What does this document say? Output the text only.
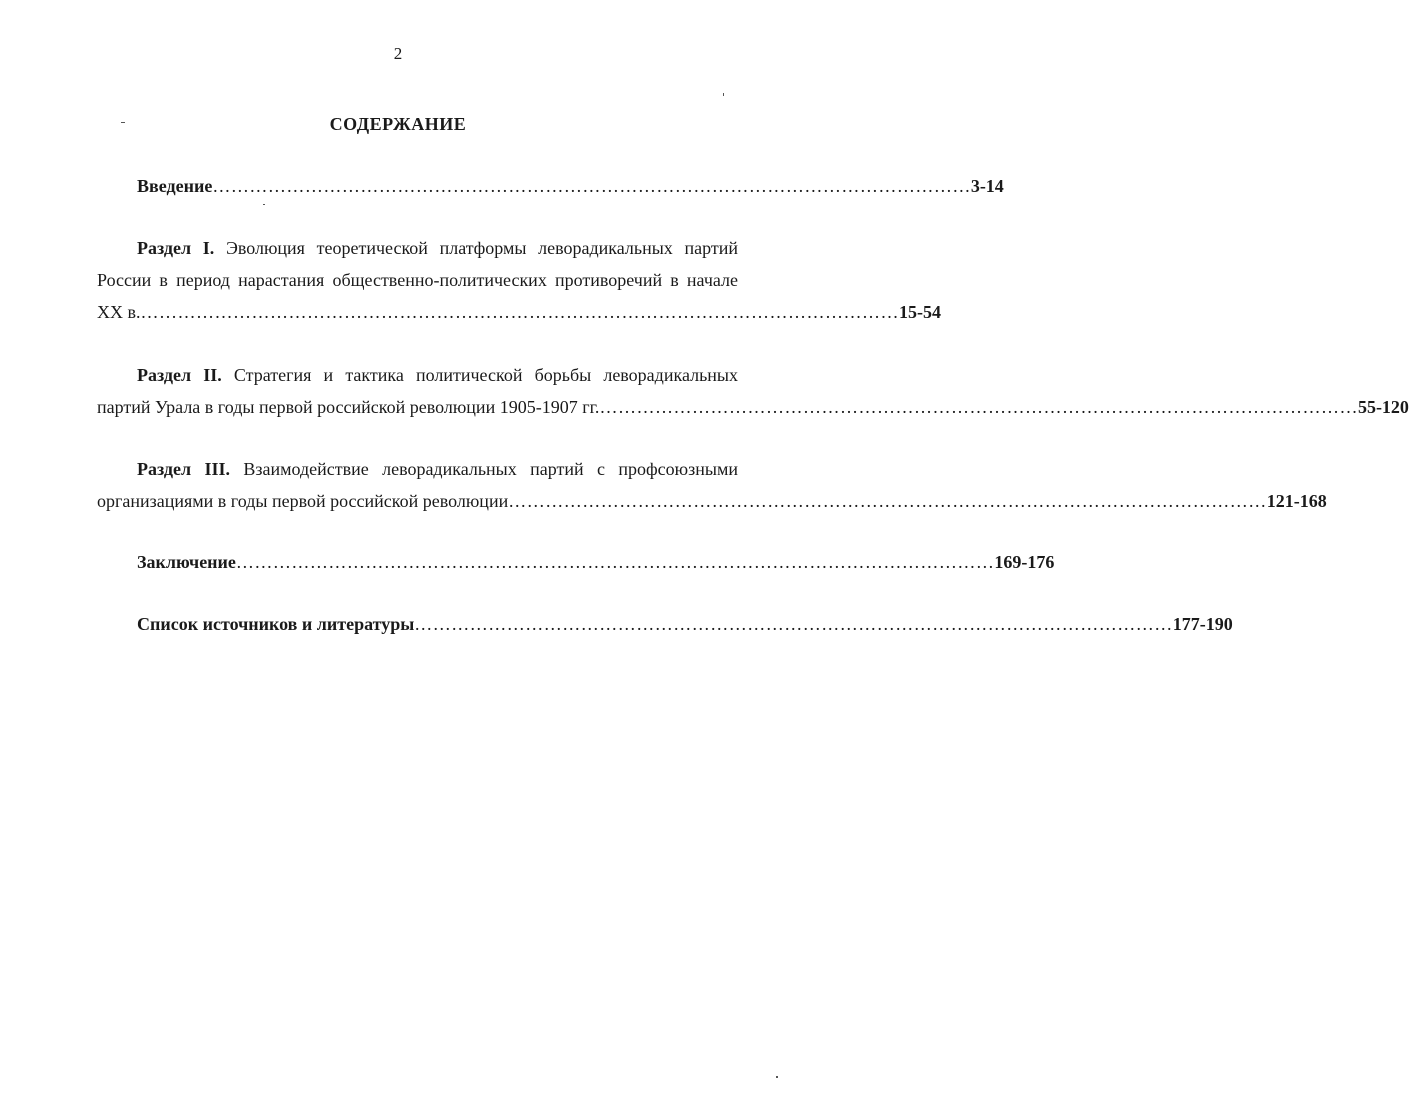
2
СОДЕРЖАНИЕ
Введение …………………………………………………………………………………………………………… 3-14
Раздел I. Эволюция теоретической платформы леворадикальных партий
России в период нарастания общественно-политических противоречий в начале
XX в. …………………………………………………………………………………………………………… 15-54
Раздел II. Стратегия и тактика политической борьбы леворадикальных
партий Урала в годы первой российской революции 1905-1907 гг. …………………………………………………………………………………………………………… 55-120
Раздел III. Взаимодействие леворадикальных партий с профсоюзными
организациями в годы первой российской революции …………………………………………………………………………………………………………… 121-168
Заключение …………………………………………………………………………………………………………… 169-176
Список источников и литературы …………………………………………………………………………………………………………… 177-190
